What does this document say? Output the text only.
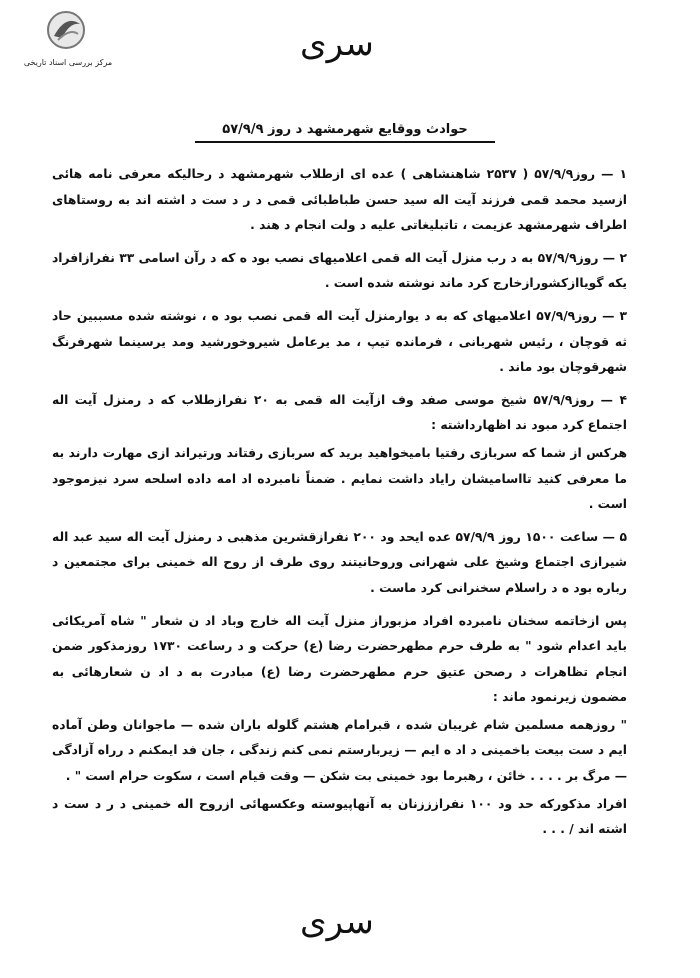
مرکز بررسی اسناد تاریخی	سری
حوادث ووقایع شهرمشهد د روز ۵۷/۹/۹

۱ — روز۵۷/۹/۹ ( ۲۵۳۷ شاهنشاهی ) عده ای ازطلاب شهرمشهد د رحالیکه معرفی نامه هائی ازسید محمد قمی فرزند آیت اله سید حسن طباطبائی قمی د ر د ست د اشته اند به روستاهای اطراف شهرمشهد عزیمت ، تاتبلیغاتی علیه د ولت انجام د هند .

۲ — روز۵۷/۹/۹ به د رب منزل آیت اله قمی اعلامیهای نصب بود ه که د رآن اسامی ۳۳ نفرازافراد یکه گویاازکشورازخارج کرد ماند نوشته شده است .

۳ — روز۵۷/۹/۹ اعلامیهای که به د یوارمنزل آیت اله قمی نصب بود ه ، نوشته شده مسببین حاد ثه قوچان ، رئیس شهربانی ، فرمانده تیپ ، مد یرعامل شیروخورشید ومد یرسینما شهرفرنگ شهرقوچان بود ماند .

۴ — روز۵۷/۹/۹ شیخ موسی صفد وف ازآیت اله قمی به ۲۰ نفرازطلاب که د رمنزل آیت اله اجتماع کرد مبود ند اظهارداشته :

هرکس از شما که سربازی رفتیا بامیخواهید برید که سربازی رفتاند ورتیراند ازی مهارت دارند به ما معرفی کنید تااسامیشان رایاد داشت نمایم . ضمناً نامبرده اد امه داده اسلحه سرد نیزموجود است .

۵ — ساعت ۱۵۰۰ روز ۵۷/۹/۹ عده ایحد ود ۲۰۰ نفرازقشرین مذهبی د رمنزل آیت اله سید عبد اله شیرازی اجتماع وشیخ علی شهرانی وروحانیتند روی طرف از روح اله خمینی برای مجتمعین د رباره بود ه د راسلام سخنرانی کرد ماست .

پس ازخاتمه سخنان نامبرده افراد مزبوراز منزل آیت اله خارج وباد اد ن شعار " شاه آمریکائی باید اعدام شود " به طرف حرم مطهرحضرت رضا (ع) حرکت و د رساعت ۱۷۳۰ روزمذکور ضمن انجام تظاهرات د رصحن عتیق حرم مطهرحضرت رضا (ع) مبادرت به د اد ن شعارهائی به مضمون زیرنمود ماند :

" روزهمه مسلمین شام غریبان شده ، قبرامام هشتم گلوله باران شده — ماجوانان وطن آماده ایم د ست بیعت باخمینی د اد ه ایم — زیربارستم نمی کنم زندگی ، جان فد ایمکنم د رراه آزادگی — مرگ بر . . . . خائن ، رهبرما بود خمینی بت شکن — وقت قیام است ، سکوت حرام است " .

افراد مذکورکه حد ود ۱۰۰ نفرازززنان به آنهاپیوسته وعکسهائی ازروح اله خمینی د ر د ست د اشته اند / . . .

سری
